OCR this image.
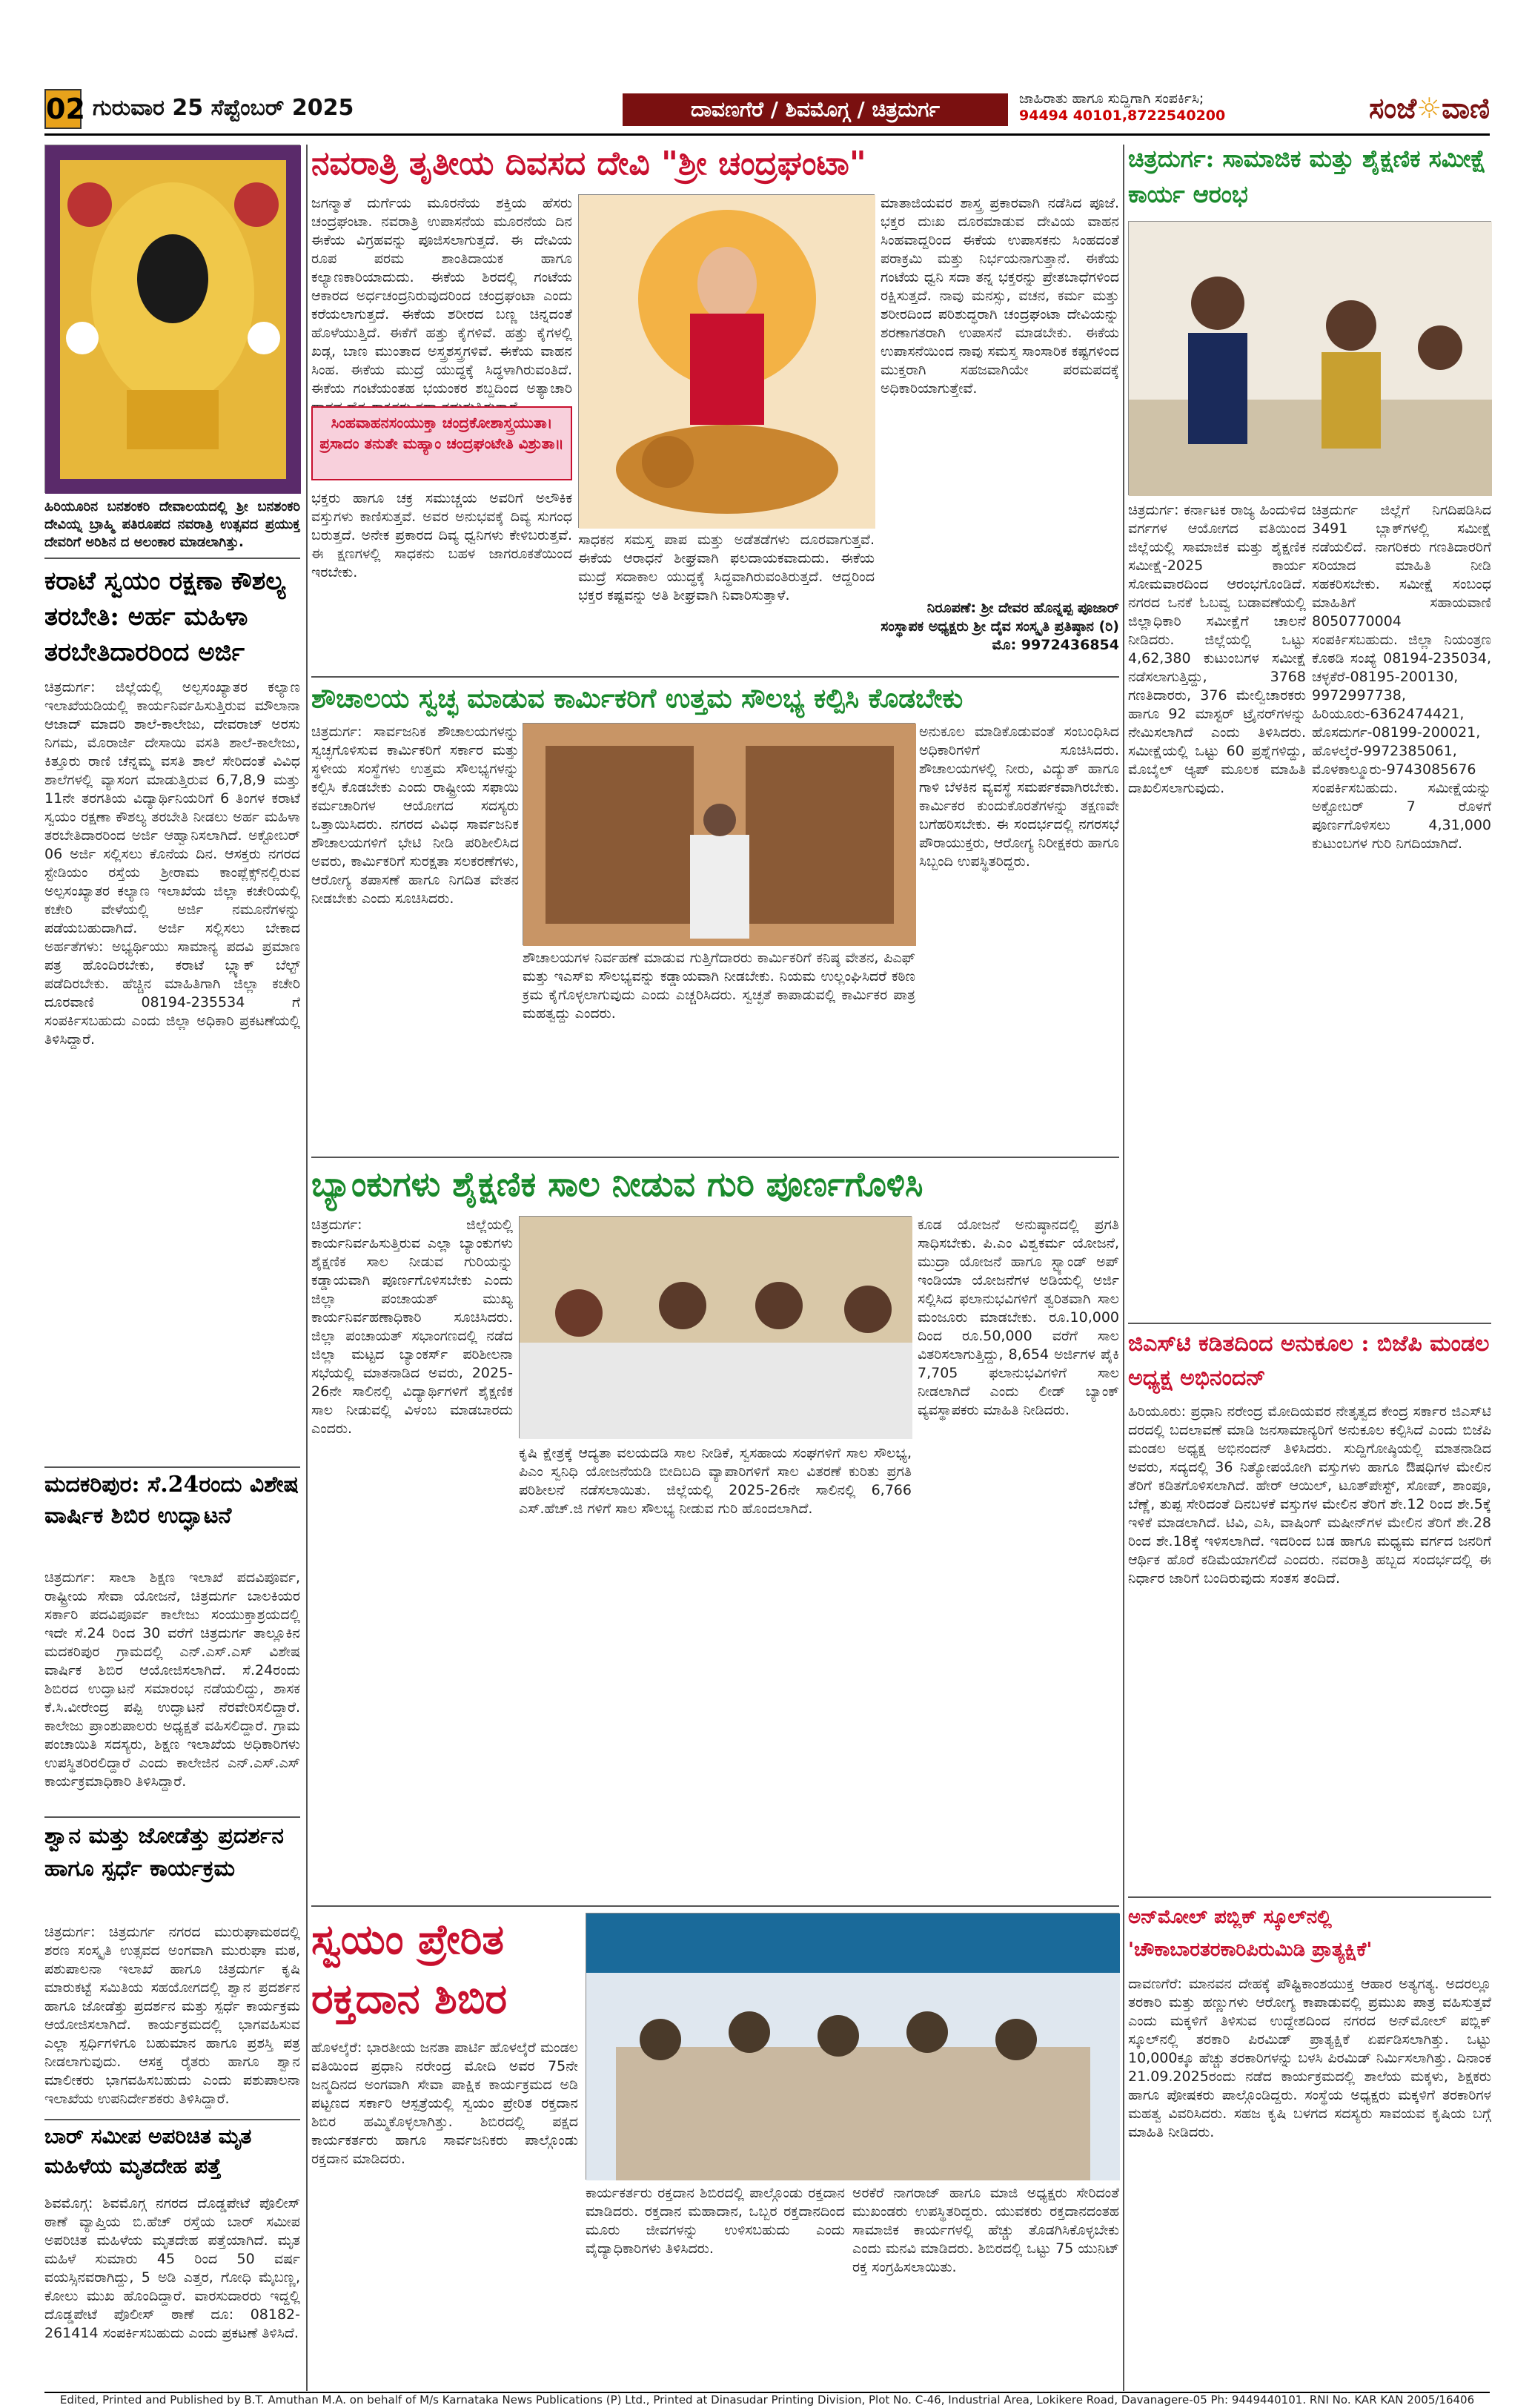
02 ಗುರುವಾರ 25 ಸೆಪ್ಟೆಂಬರ್ 2025	ದಾವಣಗೆರೆ / ಶಿವಮೊಗ್ಗ / ಚಿತ್ರದುರ್ಗ	ಜಾಹಿರಾತು ಹಾಗೂ ಸುದ್ದಿಗಾಗಿ ಸಂಪರ್ಕಿಸಿ;
94494 40101,8722540200	ಸಂಜೆ☼ವಾಣಿ
ಹಿರಿಯೂರಿನ ಬನಶಂಕರಿ ದೇವಾಲಯದಲ್ಲಿ ಶ್ರೀ ಬನಶಂಕರಿ ದೇವಿಯ್ನ ಬ್ರಾಹ್ಮಿ ಪತಿರೂಪದ ನವರಾತ್ರಿ ಉತ್ಸವದ ಪ್ರಯುಕ್ತ ದೇವರಿಗೆ ಅರಿಶಿನ ದ ಅಲಂಕಾರ ಮಾಡಲಾಗಿತ್ತು.
ಕರಾಟೆ ಸ್ವಯಂ ರಕ್ಷಣಾ ಕೌಶಲ್ಯ ತರಬೇತಿ: ಅರ್ಹ ಮಹಿಳಾ ತರಬೇತಿದಾರರಿಂದ ಅರ್ಜಿ
ಚಿತ್ರದುರ್ಗ: ಜಿಲ್ಲೆಯಲ್ಲಿ ಅಲ್ಪಸಂಖ್ಯಾತರ ಕಲ್ಯಾಣ ಇಲಾಖೆಯಡಿಯಲ್ಲಿ ಕಾರ್ಯನಿರ್ವಹಿಸುತ್ತಿರುವ ಮೌಲಾನಾ ಆಜಾದ್ ಮಾದರಿ ಶಾಲೆ-ಕಾಲೇಜು, ದೇವರಾಜ್ ಅರಸು ನಿಗಮ, ಮೊರಾರ್ಜಿ ದೇಸಾಯಿ ವಸತಿ ಶಾಲೆ-ಕಾಲೇಜು, ಕಿತ್ತೂರು ರಾಣಿ ಚೆನ್ನಮ್ಮ ವಸತಿ ಶಾಲೆ ಸೇರಿದಂತೆ ವಿವಿಧ ಶಾಲೆಗಳಲ್ಲಿ ವ್ಯಾಸಂಗ ಮಾಡುತ್ತಿರುವ 6,7,8,9 ಮತ್ತು 11ನೇ ತರಗತಿಯ ವಿದ್ಯಾರ್ಥಿನಿಯರಿಗೆ 6 ತಿಂಗಳ ಕರಾಟೆ ಸ್ವಯಂ ರಕ್ಷಣಾ ಕೌಶಲ್ಯ ತರಬೇತಿ ನೀಡಲು ಅರ್ಹ ಮಹಿಳಾ ತರಬೇತಿದಾರರಿಂದ ಅರ್ಜಿ ಆಹ್ವಾನಿಸಲಾಗಿದೆ. ಅಕ್ಟೋಬರ್ 06 ಅರ್ಜಿ ಸಲ್ಲಿಸಲು ಕೊನೆಯ ದಿನ. ಆಸಕ್ತರು ನಗರದ ಸ್ಟೇಡಿಯಂ ರಸ್ತೆಯ ಶ್ರೀರಾಮ ಕಾಂಪ್ಲೆಕ್ಸ್‌ನಲ್ಲಿರುವ ಅಲ್ಪಸಂಖ್ಯಾತರ ಕಲ್ಯಾಣ ಇಲಾಖೆಯ ಜಿಲ್ಲಾ ಕಚೇರಿಯಲ್ಲಿ ಕಚೇರಿ ವೇಳೆಯಲ್ಲಿ ಅರ್ಜಿ ನಮೂನೆಗಳನ್ನು ಪಡೆಯಬಹುದಾಗಿದೆ. ಅರ್ಜಿ ಸಲ್ಲಿಸಲು ಬೇಕಾದ ಅರ್ಹತೆಗಳು: ಅಭ್ಯರ್ಥಿಯು ಸಾಮಾನ್ಯ ಪದವಿ ಪ್ರಮಾಣ ಪತ್ರ ಹೊಂದಿರಬೇಕು, ಕರಾಟೆ ಬ್ಲ್ಯಾಕ್ ಬೆಲ್ಟ್ ಪಡೆದಿರಬೇಕು. ಹೆಚ್ಚಿನ ಮಾಹಿತಿಗಾಗಿ ಜಿಲ್ಲಾ ಕಚೇರಿ ದೂರವಾಣಿ 08194-235534 ಗೆ ಸಂಪರ್ಕಿಸಬಹುದು ಎಂದು ಜಿಲ್ಲಾ ಅಧಿಕಾರಿ ಪ್ರಕಟಣೆಯಲ್ಲಿ ತಿಳಿಸಿದ್ದಾರೆ.
ಮದಕರಿಪುರ: ಸೆ.24ರಂದು ವಿಶೇಷ ವಾರ್ಷಿಕ ಶಿಬಿರ ಉದ್ಘಾಟನೆ
ಚಿತ್ರದುರ್ಗ: ಸಾಲಾ ಶಿಕ್ಷಣ ಇಲಾಖೆ ಪದವಿಪೂರ್ವ, ರಾಷ್ಟ್ರೀಯ ಸೇವಾ ಯೋಜನೆ, ಚಿತ್ರದುರ್ಗ ಬಾಲಕಿಯರ ಸರ್ಕಾರಿ ಪದವಿಪೂರ್ವ ಕಾಲೇಜು ಸಂಯುಕ್ತಾಶ್ರಯದಲ್ಲಿ ಇದೇ ಸೆ.24 ರಿಂದ 30 ವರೆಗೆ ಚಿತ್ರದುರ್ಗ ತಾಲ್ಲೂಕಿನ ಮದಕರಿಪುರ ಗ್ರಾಮದಲ್ಲಿ ಎನ್.ಎಸ್.ಎಸ್ ವಿಶೇಷ ವಾರ್ಷಿಕ ಶಿಬಿರ ಆಯೋಜಿಸಲಾಗಿದೆ. ಸೆ.24ರಂದು ಶಿಬಿರದ ಉದ್ಘಾಟನೆ ಸಮಾರಂಭ ನಡೆಯಲಿದ್ದು, ಶಾಸಕ ಕೆ.ಸಿ.ವೀರೇಂದ್ರ ಪಪ್ಪಿ ಉದ್ಘಾಟನೆ ನೆರವೇರಿಸಲಿದ್ದಾರೆ. ಕಾಲೇಜು ಪ್ರಾಂಶುಪಾಲರು ಅಧ್ಯಕ್ಷತೆ ವಹಿಸಲಿದ್ದಾರೆ. ಗ್ರಾಮ ಪಂಚಾಯಿತಿ ಸದಸ್ಯರು, ಶಿಕ್ಷಣ ಇಲಾಖೆಯ ಅಧಿಕಾರಿಗಳು ಉಪಸ್ಥಿತರಿರಲಿದ್ದಾರೆ ಎಂದು ಕಾಲೇಜಿನ ಎನ್.ಎಸ್.ಎಸ್ ಕಾರ್ಯಕ್ರಮಾಧಿಕಾರಿ ತಿಳಿಸಿದ್ದಾರೆ.
ಶ್ವಾನ ಮತ್ತು ಜೋಡೆತ್ತು ಪ್ರದರ್ಶನ ಹಾಗೂ ಸ್ಪರ್ಧೆ ಕಾರ್ಯಕ್ರಮ
ಚಿತ್ರದುರ್ಗ: ಚಿತ್ರದುರ್ಗ ನಗರದ ಮುರುಘಾಮಠದಲ್ಲಿ ಶರಣ ಸಂಸ್ಕೃತಿ ಉತ್ಸವದ ಅಂಗವಾಗಿ ಮುರುಘಾ ಮಠ, ಪಶುಪಾಲನಾ ಇಲಾಖೆ ಹಾಗೂ ಚಿತ್ರದುರ್ಗ ಕೃಷಿ ಮಾರುಕಟ್ಟೆ ಸಮಿತಿಯ ಸಹಯೋಗದಲ್ಲಿ ಶ್ವಾನ ಪ್ರದರ್ಶನ ಹಾಗೂ ಜೋಡೆತ್ತು ಪ್ರದರ್ಶನ ಮತ್ತು ಸ್ಪರ್ಧೆ ಕಾರ್ಯಕ್ರಮ ಆಯೋಜಿಸಲಾಗಿದೆ. ಕಾರ್ಯಕ್ರಮದಲ್ಲಿ ಭಾಗವಹಿಸುವ ಎಲ್ಲಾ ಸ್ಪರ್ಧಿಗಳಿಗೂ ಬಹುಮಾನ ಹಾಗೂ ಪ್ರಶಸ್ತಿ ಪತ್ರ ನೀಡಲಾಗುವುದು. ಆಸಕ್ತ ರೈತರು ಹಾಗೂ ಶ್ವಾನ ಮಾಲೀಕರು ಭಾಗವಹಿಸಬಹುದು ಎಂದು ಪಶುಪಾಲನಾ ಇಲಾಖೆಯ ಉಪನಿರ್ದೇಶಕರು ತಿಳಿಸಿದ್ದಾರೆ.
ಬಾರ್ ಸಮೀಪ ಅಪರಿಚಿತ ಮೃತ ಮಹಿಳೆಯ ಮೃತದೇಹ ಪತ್ತೆ
ಶಿವಮೊಗ್ಗ: ಶಿವಮೊಗ್ಗ ನಗರದ ದೊಡ್ಡಪೇಟೆ ಪೊಲೀಸ್ ಠಾಣೆ ವ್ಯಾಪ್ತಿಯ ಬಿ.ಹೆಚ್ ರಸ್ತೆಯ ಬಾರ್ ಸಮೀಪ ಅಪರಿಚಿತ ಮಹಿಳೆಯ ಮೃತದೇಹ ಪತ್ತೆಯಾಗಿದೆ. ಮೃತ ಮಹಿಳೆ ಸುಮಾರು 45 ರಿಂದ 50 ವರ್ಷ ವಯಸ್ಸಿನವರಾಗಿದ್ದು, 5 ಅಡಿ ಎತ್ತರ, ಗೋಧಿ ಮೈಬಣ್ಣ, ಕೋಲು ಮುಖ ಹೊಂದಿದ್ದಾರೆ. ವಾರಸುದಾರರು ಇದ್ದಲ್ಲಿ ದೊಡ್ಡಪೇಟೆ ಪೊಲೀಸ್ ಠಾಣೆ ದೂ: 08182-261414 ಸಂಪರ್ಕಿಸಬಹುದು ಎಂದು ಪ್ರಕಟಣೆ ತಿಳಿಸಿದೆ.
ನವರಾತ್ರಿ ತೃತೀಯ ದಿವಸದ ದೇವಿ "ಶ್ರೀ ಚಂದ್ರಘಂಟಾ"
ಜಗನ್ಮಾತೆ ದುರ್ಗೆಯ ಮೂರನೆಯ ಶಕ್ತಿಯ ಹೆಸರು ಚಂದ್ರಘಂಟಾ. ನವರಾತ್ರಿ ಉಪಾಸನೆಯ ಮೂರನೆಯ ದಿನ ಈಕೆಯ ವಿಗ್ರಹವನ್ನು ಪೂಜಿಸಲಾಗುತ್ತದೆ. ಈ ದೇವಿಯ ರೂಪ ಪರಮ ಶಾಂತಿದಾಯಕ ಹಾಗೂ ಕಲ್ಯಾಣಕಾರಿಯಾದುದು. ಈಕೆಯ ಶಿರದಲ್ಲಿ ಗಂಟೆಯ ಆಕಾರದ ಅರ್ಧಚಂದ್ರನಿರುವುದರಿಂದ ಚಂದ್ರಘಂಟಾ ಎಂದು ಕರೆಯಲಾಗುತ್ತದೆ. ಈಕೆಯ ಶರೀರದ ಬಣ್ಣ ಚಿನ್ನದಂತೆ ಹೊಳೆಯುತ್ತಿದೆ. ಈಕೆಗೆ ಹತ್ತು ಕೈಗಳಿವೆ. ಹತ್ತು ಕೈಗಳಲ್ಲಿ ಖಡ್ಗ, ಬಾಣ ಮುಂತಾದ ಅಸ್ತ್ರಶಸ್ತ್ರಗಳಿವೆ. ಈಕೆಯ ವಾಹನ ಸಿಂಹ. ಈಕೆಯ ಮುದ್ರೆ ಯುದ್ಧಕ್ಕೆ ಸಿದ್ಧಳಾಗಿರುವಂತಿದೆ. ಈಕೆಯ ಗಂಟೆಯಂತಹ ಭಯಂಕರ ಶಬ್ದದಿಂದ ಅತ್ಯಾಚಾರಿ
ಸಿಂಹವಾಹನಸಂಯುಕ್ತಾ ಚಂದ್ರಕೋಶಾಸ್ತ್ರಯುತಾ। ಪ್ರಸಾದಂ ತನುತೇ ಮಹ್ಯಾಂ ಚಂದ್ರಘಂಟೇತಿ ವಿಶ್ರುತಾ॥
ಭಕ್ತರು ಹಾಗೂ ಚಕ್ರ ಸಮುಚ್ಚಯ ಅವರಿಗೆ ಅಲೌಕಿಕ ವಸ್ತುಗಳು ಕಾಣಿಸುತ್ತವೆ. ಅವರ ಅನುಭವಕ್ಕೆ ದಿವ್ಯ ಸುಗಂಧ ಬರುತ್ತದೆ. ಅನೇಕ ಪ್ರಕಾರದ ದಿವ್ಯ ಧ್ವನಿಗಳು ಕೇಳಿಬರುತ್ತವೆ. ಈ ಕ್ಷಣಗಳಲ್ಲಿ ಸಾಧಕನು ಬಹಳ ಜಾಗರೂಕತೆಯಿಂದ ಇರಬೇಕು.
ಸಾಧಕನ ಸಮಸ್ತ ಪಾಪ ಮತ್ತು ಅಡೆತಡೆಗಳು ದೂರವಾಗುತ್ತವೆ. ಈಕೆಯ ಆರಾಧನೆ ಶೀಘ್ರವಾಗಿ ಫಲದಾಯಕವಾದುದು. ಈಕೆಯ ಮುದ್ರೆ ಸದಾಕಾಲ ಯುದ್ಧಕ್ಕೆ ಸಿದ್ಧವಾಗಿರುವಂತಿರುತ್ತದೆ. ಆದ್ದರಿಂದ ಭಕ್ತರ ಕಷ್ಟವನ್ನು ಅತಿ ಶೀಘ್ರವಾಗಿ ನಿವಾರಿಸುತ್ತಾಳೆ.
ಮಾತಾಜಿಯವರ ಶಾಸ್ತ್ರ ಪ್ರಕಾರವಾಗಿ ನಡೆಸಿದ ಪೂಜೆ. ಭಕ್ತರ ದುಃಖ ದೂರಮಾಡುವ ದೇವಿಯ ವಾಹನ ಸಿಂಹವಾದ್ದರಿಂದ ಈಕೆಯ ಉಪಾಸಕನು ಸಿಂಹದಂತೆ ಪರಾಕ್ರಮಿ ಮತ್ತು ನಿರ್ಭಯನಾಗುತ್ತಾನೆ. ಈಕೆಯ ಗಂಟೆಯ ಧ್ವನಿ ಸದಾ ತನ್ನ ಭಕ್ತರನ್ನು ಪ್ರೇತಬಾಧೆಗಳಿಂದ ರಕ್ಷಿಸುತ್ತದೆ. ನಾವು ಮನಸ್ಸು, ವಚನ, ಕರ್ಮ ಮತ್ತು ಶರೀರದಿಂದ ಪರಿಶುದ್ಧರಾಗಿ ಚಂದ್ರಘಂಟಾ ದೇವಿಯನ್ನು ಶರಣಾಗತರಾಗಿ ಉಪಾಸನೆ ಮಾಡಬೇಕು. ಈಕೆಯ ಉಪಾಸನೆಯಿಂದ ನಾವು ಸಮಸ್ತ ಸಾಂಸಾರಿಕ ಕಷ್ಟಗಳಿಂದ ಮುಕ್ತರಾಗಿ ಸಹಜವಾಗಿಯೇ ಪರಮಪದಕ್ಕೆ ಅಧಿಕಾರಿಯಾಗುತ್ತೇವೆ.
ನಿರೂಪಣೆ: ಶ್ರೀ ದೇವರ ಹೊನ್ನಪ್ಪ ಪೂಜಾರ್
ಸಂಸ್ಥಾಪಕ ಅಧ್ಯಕ್ಷರು ಶ್ರೀ ದೈವ ಸಂಸ್ಕೃತಿ ಪ್ರತಿಷ್ಠಾನ (ರಿ)
ಮೊ: 9972436854
ಶೌಚಾಲಯ ಸ್ವಚ್ಛ ಮಾಡುವ ಕಾರ್ಮಿಕರಿಗೆ ಉತ್ತಮ ಸೌಲಭ್ಯ ಕಲ್ಪಿಸಿ ಕೊಡಬೇಕು
ಚಿತ್ರದುರ್ಗ: ಸಾರ್ವಜನಿಕ ಶೌಚಾಲಯಗಳನ್ನು ಸ್ವಚ್ಛಗೊಳಿಸುವ ಕಾರ್ಮಿಕರಿಗೆ ಸರ್ಕಾರ ಮತ್ತು ಸ್ಥಳೀಯ ಸಂಸ್ಥೆಗಳು ಉತ್ತಮ ಸೌಲಭ್ಯಗಳನ್ನು ಕಲ್ಪಿಸಿ ಕೊಡಬೇಕು ಎಂದು ರಾಷ್ಟ್ರೀಯ ಸಫಾಯಿ ಕರ್ಮಚಾರಿಗಳ ಆಯೋಗದ ಸದಸ್ಯರು ಒತ್ತಾಯಿಸಿದರು. ನಗರದ ವಿವಿಧ ಸಾರ್ವಜನಿಕ ಶೌಚಾಲಯಗಳಿಗೆ ಭೇಟಿ ನೀಡಿ ಪರಿಶೀಲಿಸಿದ ಅವರು, ಕಾರ್ಮಿಕರಿಗೆ ಸುರಕ್ಷತಾ ಸಲಕರಣೆಗಳು, ಆರೋಗ್ಯ ತಪಾಸಣೆ ಹಾಗೂ ನಿಗದಿತ ವೇತನ ನೀಡಬೇಕು ಎಂದು ಸೂಚಿಸಿದರು.
ಶೌಚಾಲಯಗಳ ನಿರ್ವಹಣೆ ಮಾಡುವ ಗುತ್ತಿಗೆದಾರರು ಕಾರ್ಮಿಕರಿಗೆ ಕನಿಷ್ಠ ವೇತನ, ಪಿಎಫ್ ಮತ್ತು ಇಎಸ್ಐ ಸೌಲಭ್ಯವನ್ನು ಕಡ್ಡಾಯವಾಗಿ ನೀಡಬೇಕು. ನಿಯಮ ಉಲ್ಲಂಘಿಸಿದರೆ ಕಠಿಣ ಕ್ರಮ ಕೈಗೊಳ್ಳಲಾಗುವುದು ಎಂದು ಎಚ್ಚರಿಸಿದರು. ಸ್ವಚ್ಛತೆ ಕಾಪಾಡುವಲ್ಲಿ ಕಾರ್ಮಿಕರ ಪಾತ್ರ ಮಹತ್ವದ್ದು ಎಂದರು.
ಅನುಕೂಲ ಮಾಡಿಕೊಡುವಂತೆ ಸಂಬಂಧಿಸಿದ ಅಧಿಕಾರಿಗಳಿಗೆ ಸೂಚಿಸಿದರು. ಶೌಚಾಲಯಗಳಲ್ಲಿ ನೀರು, ವಿದ್ಯುತ್ ಹಾಗೂ ಗಾಳಿ ಬೆಳಕಿನ ವ್ಯವಸ್ಥೆ ಸಮರ್ಪಕವಾಗಿರಬೇಕು. ಕಾರ್ಮಿಕರ ಕುಂದುಕೊರತೆಗಳನ್ನು ತಕ್ಷಣವೇ ಬಗೆಹರಿಸಬೇಕು. ಈ ಸಂದರ್ಭದಲ್ಲಿ ನಗರಸಭೆ ಪೌರಾಯುಕ್ತರು, ಆರೋಗ್ಯ ನಿರೀಕ್ಷಕರು ಹಾಗೂ ಸಿಬ್ಬಂದಿ ಉಪಸ್ಥಿತರಿದ್ದರು.
ಬ್ಯಾಂಕುಗಳು ಶೈಕ್ಷಣಿಕ ಸಾಲ ನೀಡುವ ಗುರಿ ಪೂರ್ಣಗೊಳಿಸಿ
ಚಿತ್ರದುರ್ಗ: ಜಿಲ್ಲೆಯಲ್ಲಿ ಕಾರ್ಯನಿರ್ವಹಿಸುತ್ತಿರುವ ಎಲ್ಲಾ ಬ್ಯಾಂಕುಗಳು ಶೈಕ್ಷಣಿಕ ಸಾಲ ನೀಡುವ ಗುರಿಯನ್ನು ಕಡ್ಡಾಯವಾಗಿ ಪೂರ್ಣಗೊಳಿಸಬೇಕು ಎಂದು ಜಿಲ್ಲಾ ಪಂಚಾಯತ್ ಮುಖ್ಯ ಕಾರ್ಯನಿರ್ವಹಣಾಧಿಕಾರಿ ಸೂಚಿಸಿದರು. ಜಿಲ್ಲಾ ಪಂಚಾಯತ್ ಸಭಾಂಗಣದಲ್ಲಿ ನಡೆದ ಜಿಲ್ಲಾ ಮಟ್ಟದ ಬ್ಯಾಂಕರ್ಸ್ ಪರಿಶೀಲನಾ ಸಭೆಯಲ್ಲಿ ಮಾತನಾಡಿದ ಅವರು, 2025-26ನೇ ಸಾಲಿನಲ್ಲಿ ವಿದ್ಯಾರ್ಥಿಗಳಿಗೆ ಶೈಕ್ಷಣಿಕ ಸಾಲ ನೀಡುವಲ್ಲಿ ವಿಳಂಬ ಮಾಡಬಾರದು ಎಂದರು.
ಕೃಷಿ ಕ್ಷೇತ್ರಕ್ಕೆ ಆದ್ಯತಾ ವಲಯದಡಿ ಸಾಲ ನೀಡಿಕೆ, ಸ್ವಸಹಾಯ ಸಂಘಗಳಿಗೆ ಸಾಲ ಸೌಲಭ್ಯ, ಪಿಎಂ ಸ್ವನಿಧಿ ಯೋಜನೆಯಡಿ ಬೀದಿಬದಿ ವ್ಯಾಪಾರಿಗಳಿಗೆ ಸಾಲ ವಿತರಣೆ ಕುರಿತು ಪ್ರಗತಿ ಪರಿಶೀಲನೆ ನಡೆಸಲಾಯಿತು. ಜಿಲ್ಲೆಯಲ್ಲಿ 2025-26ನೇ ಸಾಲಿನಲ್ಲಿ 6,766 ಎಸ್.ಹೆಚ್.ಜಿ ಗಳಿಗೆ ಸಾಲ ಸೌಲಭ್ಯ ನೀಡುವ ಗುರಿ ಹೊಂದಲಾಗಿದೆ.
ಕೂಡ ಯೋಜನೆ ಅನುಷ್ಠಾನದಲ್ಲಿ ಪ್ರಗತಿ ಸಾಧಿಸಬೇಕು. ಪಿ.ಎಂ ವಿಶ್ವಕರ್ಮ ಯೋಜನೆ, ಮುದ್ರಾ ಯೋಜನೆ ಹಾಗೂ ಸ್ಟ್ಯಾಂಡ್ ಅಪ್ ಇಂಡಿಯಾ ಯೋಜನೆಗಳ ಅಡಿಯಲ್ಲಿ ಅರ್ಜಿ ಸಲ್ಲಿಸಿದ ಫಲಾನುಭವಿಗಳಿಗೆ ತ್ವರಿತವಾಗಿ ಸಾಲ ಮಂಜೂರು ಮಾಡಬೇಕು. ರೂ.10,000 ದಿಂದ ರೂ.50,000 ವರೆಗೆ ಸಾಲ ವಿತರಿಸಲಾಗುತ್ತಿದ್ದು, 8,654 ಅರ್ಜಿಗಳ ಪೈಕಿ 7,705 ಫಲಾನುಭವಿಗಳಿಗೆ ಸಾಲ ನೀಡಲಾಗಿದೆ ಎಂದು ಲೀಡ್ ಬ್ಯಾಂಕ್ ವ್ಯವಸ್ಥಾಪಕರು ಮಾಹಿತಿ ನೀಡಿದರು.
ಸ್ವಯಂ ಪ್ರೇರಿತ ರಕ್ತದಾನ ಶಿಬಿರ
ಹೊಳಲ್ಕೆರೆ: ಭಾರತೀಯ ಜನತಾ ಪಾರ್ಟಿ ಹೊಳಲ್ಕೆರೆ ಮಂಡಲ ವತಿಯಿಂದ ಪ್ರಧಾನಿ ನರೇಂದ್ರ ಮೋದಿ ಅವರ 75ನೇ ಜನ್ಮದಿನದ ಅಂಗವಾಗಿ ಸೇವಾ ಪಾಕ್ಷಿಕ ಕಾರ್ಯಕ್ರಮದ ಅಡಿ ಪಟ್ಟಣದ ಸರ್ಕಾರಿ ಆಸ್ಪತ್ರೆಯಲ್ಲಿ ಸ್ವಯಂ ಪ್ರೇರಿತ ರಕ್ತದಾನ ಶಿಬಿರ ಹಮ್ಮಿಕೊಳ್ಳಲಾಗಿತ್ತು. ಶಿಬಿರದಲ್ಲಿ ಪಕ್ಷದ ಕಾರ್ಯಕರ್ತರು ಹಾಗೂ ಸಾರ್ವಜನಿಕರು ಪಾಲ್ಗೊಂಡು ರಕ್ತದಾನ ಮಾಡಿದರು.
ಕಾರ್ಯಕರ್ತರು ರಕ್ತದಾನ ಶಿಬಿರದಲ್ಲಿ ಪಾಲ್ಗೊಂಡು ರಕ್ತದಾನ ಮಾಡಿದರು. ರಕ್ತದಾನ ಮಹಾದಾನ, ಒಬ್ಬರ ರಕ್ತದಾನದಿಂದ ಮೂರು ಜೀವಗಳನ್ನು ಉಳಿಸಬಹುದು ಎಂದು ವೈದ್ಯಾಧಿಕಾರಿಗಳು ತಿಳಿಸಿದರು.
ಅರಕೆರೆ ನಾಗರಾಜ್ ಹಾಗೂ ಮಾಜಿ ಅಧ್ಯಕ್ಷರು ಸೇರಿದಂತೆ ಮುಖಂಡರು ಉಪಸ್ಥಿತರಿದ್ದರು. ಯುವಕರು ರಕ್ತದಾನದಂತಹ ಸಾಮಾಜಿಕ ಕಾರ್ಯಗಳಲ್ಲಿ ಹೆಚ್ಚು ತೊಡಗಿಸಿಕೊಳ್ಳಬೇಕು ಎಂದು ಮನವಿ ಮಾಡಿದರು. ಶಿಬಿರದಲ್ಲಿ ಒಟ್ಟು 75 ಯುನಿಟ್ ರಕ್ತ ಸಂಗ್ರಹಿಸಲಾಯಿತು.
ಚಿತ್ರದುರ್ಗ: ಸಾಮಾಜಿಕ ಮತ್ತು ಶೈಕ್ಷಣಿಕ ಸಮೀಕ್ಷೆ ಕಾರ್ಯ ಆರಂಭ
ಚಿತ್ರದುರ್ಗ: ಕರ್ನಾಟಕ ರಾಜ್ಯ ಹಿಂದುಳಿದ ವರ್ಗಗಳ ಆಯೋಗದ ವತಿಯಿಂದ ಜಿಲ್ಲೆಯಲ್ಲಿ ಸಾಮಾಜಿಕ ಮತ್ತು ಶೈಕ್ಷಣಿಕ ಸಮೀಕ್ಷೆ-2025 ಕಾರ್ಯ ಸೋಮವಾರದಿಂದ ಆರಂಭಗೊಂಡಿದೆ. ನಗರದ ಒನಕೆ ಓಬವ್ವ ಬಡಾವಣೆಯಲ್ಲಿ ಜಿಲ್ಲಾಧಿಕಾರಿ ಸಮೀಕ್ಷೆಗೆ ಚಾಲನೆ ನೀಡಿದರು. ಜಿಲ್ಲೆಯಲ್ಲಿ ಒಟ್ಟು 4,62,380 ಕುಟುಂಬಗಳ ಸಮೀಕ್ಷೆ ನಡೆಸಲಾಗುತ್ತಿದ್ದು, 3768 ಗಣತಿದಾರರು, 376 ಮೇಲ್ವಿಚಾರಕರು ಹಾಗೂ 92 ಮಾಸ್ಟರ್ ಟ್ರೈನರ್‌ಗಳನ್ನು ನೇಮಿಸಲಾಗಿದೆ ಎಂದು ತಿಳಿಸಿದರು. ಸಮೀಕ್ಷೆಯಲ್ಲಿ ಒಟ್ಟು 60 ಪ್ರಶ್ನೆಗಳಿದ್ದು, ಮೊಬೈಲ್ ಆ್ಯಪ್ ಮೂಲಕ ಮಾಹಿತಿ ದಾಖಲಿಸಲಾಗುವುದು.
ಚಿತ್ರದುರ್ಗ ಜಿಲ್ಲೆಗೆ ನಿಗದಿಪಡಿಸಿದ 3491 ಬ್ಲಾಕ್‌ಗಳಲ್ಲಿ ಸಮೀಕ್ಷೆ ನಡೆಯಲಿದೆ. ನಾಗರಿಕರು ಗಣತಿದಾರರಿಗೆ ಸರಿಯಾದ ಮಾಹಿತಿ ನೀಡಿ ಸಹಕರಿಸಬೇಕು. ಸಮೀಕ್ಷೆ ಸಂಬಂಧ ಮಾಹಿತಿಗೆ ಸಹಾಯವಾಣಿ 8050770004 ಸಂಪರ್ಕಿಸಬಹುದು. ಜಿಲ್ಲಾ ನಿಯಂತ್ರಣ ಕೊಠಡಿ ಸಂಖ್ಯೆ 08194-235034, ಚಳ್ಳಕೆರೆ-08195-200130, 9972997738, ಹಿರಿಯೂರು-6362474421, ಹೊಸದುರ್ಗ-08199-200021, ಹೊಳಲ್ಕೆರೆ-9972385061, ಮೊಳಕಾಲ್ಮೂರು-9743085676 ಸಂಪರ್ಕಿಸಬಹುದು. ಸಮೀಕ್ಷೆಯನ್ನು ಅಕ್ಟೋಬರ್ 7 ರೊಳಗೆ ಪೂರ್ಣಗೊಳಿಸಲು 4,31,000 ಕುಟುಂಬಗಳ ಗುರಿ ನಿಗದಿಯಾಗಿದೆ.
ಜಿಎಸ್‌ಟಿ ಕಡಿತದಿಂದ ಅನುಕೂಲ : ಬಿಜೆಪಿ ಮಂಡಲ ಅಧ್ಯಕ್ಷ ಅಭಿನಂದನ್
ಹಿರಿಯೂರು: ಪ್ರಧಾನಿ ನರೇಂದ್ರ ಮೋದಿಯವರ ನೇತೃತ್ವದ ಕೇಂದ್ರ ಸರ್ಕಾರ ಜಿಎಸ್‌ಟಿ ದರದಲ್ಲಿ ಬದಲಾವಣೆ ಮಾಡಿ ಜನಸಾಮಾನ್ಯರಿಗೆ ಅನುಕೂಲ ಕಲ್ಪಿಸಿದೆ ಎಂದು ಬಿಜೆಪಿ ಮಂಡಲ ಅಧ್ಯಕ್ಷ ಅಭಿನಂದನ್ ತಿಳಿಸಿದರು. ಸುದ್ದಿಗೋಷ್ಠಿಯಲ್ಲಿ ಮಾತನಾಡಿದ ಅವರು, ಸದ್ಯದಲ್ಲಿ 36 ನಿತ್ಯೋಪಯೋಗಿ ವಸ್ತುಗಳು ಹಾಗೂ ಔಷಧಿಗಳ ಮೇಲಿನ ತೆರಿಗೆ ಕಡಿತಗೊಳಿಸಲಾಗಿದೆ. ಹೇರ್ ಆಯಿಲ್, ಟೂತ್‌ಪೇಸ್ಟ್, ಸೋಪ್, ಶಾಂಪೂ, ಬೆಣ್ಣೆ, ತುಪ್ಪ ಸೇರಿದಂತೆ ದಿನಬಳಕೆ ವಸ್ತುಗಳ ಮೇಲಿನ ತೆರಿಗೆ ಶೇ.12 ರಿಂದ ಶೇ.5ಕ್ಕೆ ಇಳಿಕೆ ಮಾಡಲಾಗಿದೆ. ಟಿವಿ, ಎಸಿ, ವಾಷಿಂಗ್ ಮಷೀನ್‌ಗಳ ಮೇಲಿನ ತೆರಿಗೆ ಶೇ.28 ರಿಂದ ಶೇ.18ಕ್ಕೆ ಇಳಿಸಲಾಗಿದೆ. ಇದರಿಂದ ಬಡ ಹಾಗೂ ಮಧ್ಯಮ ವರ್ಗದ ಜನರಿಗೆ ಆರ್ಥಿಕ ಹೊರೆ ಕಡಿಮೆಯಾಗಲಿದೆ ಎಂದರು. ನವರಾತ್ರಿ ಹಬ್ಬದ ಸಂದರ್ಭದಲ್ಲಿ ಈ ನಿರ್ಧಾರ ಜಾರಿಗೆ ಬಂದಿರುವುದು ಸಂತಸ ತಂದಿದೆ.
ಅನ್‌ಮೋಲ್ ಪಬ್ಲಿಕ್ ಸ್ಕೂಲ್‌ನಲ್ಲಿ 'ಚೌಕಾಬಾರತರಕಾರಿಪಿರುಮಿಡಿ ಪ್ರಾತ್ಯಕ್ಷಿಕೆ'
ದಾವಣಗೆರೆ: ಮಾನವನ ದೇಹಕ್ಕೆ ಪೌಷ್ಟಿಕಾಂಶಯುಕ್ತ ಆಹಾರ ಅತ್ಯಗತ್ಯ. ಅದರಲ್ಲೂ ತರಕಾರಿ ಮತ್ತು ಹಣ್ಣುಗಳು ಆರೋಗ್ಯ ಕಾಪಾಡುವಲ್ಲಿ ಪ್ರಮುಖ ಪಾತ್ರ ವಹಿಸುತ್ತವೆ ಎಂದು ಮಕ್ಕಳಿಗೆ ತಿಳಿಸುವ ಉದ್ದೇಶದಿಂದ ನಗರದ ಅನ್‌ಮೋಲ್ ಪಬ್ಲಿಕ್ ಸ್ಕೂಲ್‌ನಲ್ಲಿ ತರಕಾರಿ ಪಿರಮಿಡ್ ಪ್ರಾತ್ಯಕ್ಷಿಕೆ ಏರ್ಪಡಿಸಲಾಗಿತ್ತು. ಒಟ್ಟು 10,000ಕ್ಕೂ ಹೆಚ್ಚು ತರಕಾರಿಗಳನ್ನು ಬಳಸಿ ಪಿರಮಿಡ್ ನಿರ್ಮಿಸಲಾಗಿತ್ತು. ದಿನಾಂಕ 21.09.2025ರಂದು ನಡೆದ ಕಾರ್ಯಕ್ರಮದಲ್ಲಿ ಶಾಲೆಯ ಮಕ್ಕಳು, ಶಿಕ್ಷಕರು ಹಾಗೂ ಪೋಷಕರು ಪಾಲ್ಗೊಂಡಿದ್ದರು. ಸಂಸ್ಥೆಯ ಅಧ್ಯಕ್ಷರು ಮಕ್ಕಳಿಗೆ ತರಕಾರಿಗಳ ಮಹತ್ವ ವಿವರಿಸಿದರು. ಸಹಜ ಕೃಷಿ ಬಳಗದ ಸದಸ್ಯರು ಸಾವಯವ ಕೃಷಿಯ ಬಗ್ಗೆ ಮಾಹಿತಿ ನೀಡಿದರು.
Edited, Printed and Published by B.T. Amuthan M.A. on behalf of M/s Karnataka News Publications (P) Ltd., Printed at Dinasudar Printing Division, Plot No. C-46, Industrial Area, Lokikere Road, Davanagere-05 Ph: 9449440101. RNI No. KAR KAN 2005/16406
